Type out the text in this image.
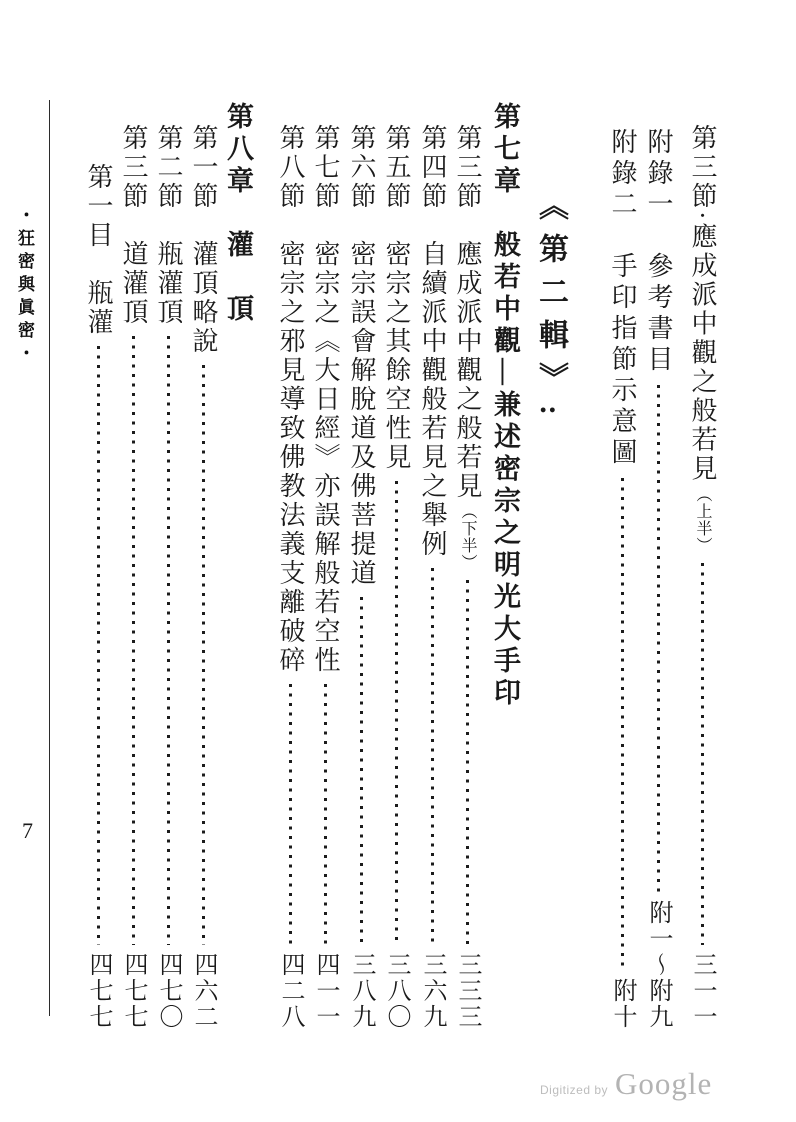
・狂密與眞密・
7
第三節·應成派中觀之般若見
（上半）
三一一
附錄一　參考書目
附一〜附九
附錄二　手印指節示意圖
附十
《第二輯》:
第七章　般若中觀—兼述密宗之明光大手印
第三節　應成派中觀之般若見
（下半）
三三三
第四節　自續派中觀般若見之舉例
三六九
第五節　密宗之其餘空性見
三八〇
第六節　密宗誤會解脫道及佛菩提道
三八九
第七節　密宗之《大日經》亦誤解般若空性
四一一
第八節　密宗之邪見導致佛教法義支離破碎
四二八
第八章　灌　頂
第一節　灌頂略說
四六二
第二節　瓶灌頂
四七〇
第三節　道灌頂
四七七
第一目　瓶灌
四七七
Digitized by Google
